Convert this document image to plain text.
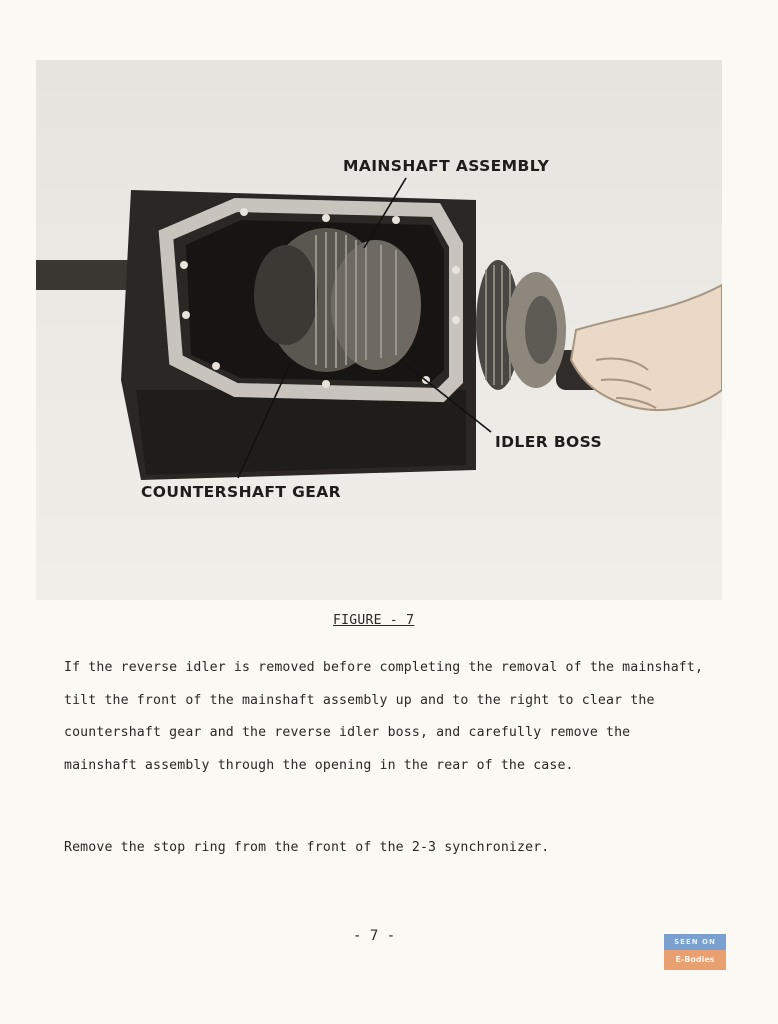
MAINSHAFT ASSEMBLY
IDLER BOSS
COUNTERSHAFT GEAR
FIGURE - 7

If the reverse idler is removed before completing the removal of the mainshaft, tilt the front of the mainshaft assembly up and to the right to clear the countershaft gear and the reverse idler boss, and carefully remove the mainshaft assembly through the opening in the rear of the case.

Remove the stop ring from the front of the 2-3 synchronizer.

- 7 -	SEEN ON
E-Bodies
